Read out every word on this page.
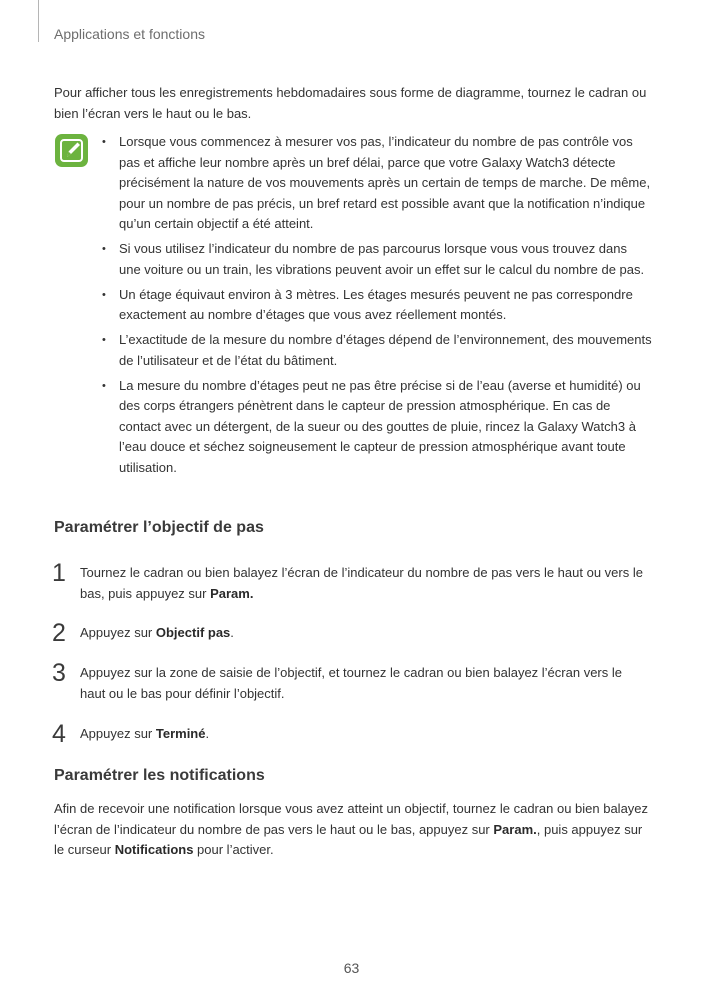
Applications et fonctions

Pour afficher tous les enregistrements hebdomadaires sous forme de diagramme, tournez le cadran ou bien l’écran vers le haut ou le bas.

• Lorsque vous commencez à mesurer vos pas, l’indicateur du nombre de pas contrôle vos pas et affiche leur nombre après un bref délai, parce que votre Galaxy Watch3 détecte précisément la nature de vos mouvements après un certain de temps de marche. De même, pour un nombre de pas précis, un bref retard est possible avant que la notification n’indique qu’un certain objectif a été atteint.
• Si vous utilisez l’indicateur du nombre de pas parcourus lorsque vous vous trouvez dans une voiture ou un train, les vibrations peuvent avoir un effet sur le calcul du nombre de pas.
• Un étage équivaut environ à 3 mètres. Les étages mesurés peuvent ne pas correspondre exactement au nombre d’étages que vous avez réellement montés.
• L’exactitude de la mesure du nombre d’étages dépend de l’environnement, des mouvements de l’utilisateur et de l’état du bâtiment.
• La mesure du nombre d’étages peut ne pas être précise si de l’eau (averse et humidité) ou des corps étrangers pénètrent dans le capteur de pression atmosphérique. En cas de contact avec un détergent, de la sueur ou des gouttes de pluie, rincez la Galaxy Watch3 à l’eau douce et séchez soigneusement le capteur de pression atmosphérique avant toute utilisation.
Paramétrer l’objectif de pas
1	Tournez le cadran ou bien balayez l’écran de l’indicateur du nombre de pas vers le haut ou vers le bas, puis appuyez sur Param.
2	Appuyez sur Objectif pas.
3	Appuyez sur la zone de saisie de l’objectif, et tournez le cadran ou bien balayez l’écran vers le haut ou le bas pour définir l’objectif.
4	Appuyez sur Terminé.
Paramétrer les notifications

Afin de recevoir une notification lorsque vous avez atteint un objectif, tournez le cadran ou bien balayez l’écran de l’indicateur du nombre de pas vers le haut ou le bas, appuyez sur Param., puis appuyez sur le curseur Notifications pour l’activer.

63
